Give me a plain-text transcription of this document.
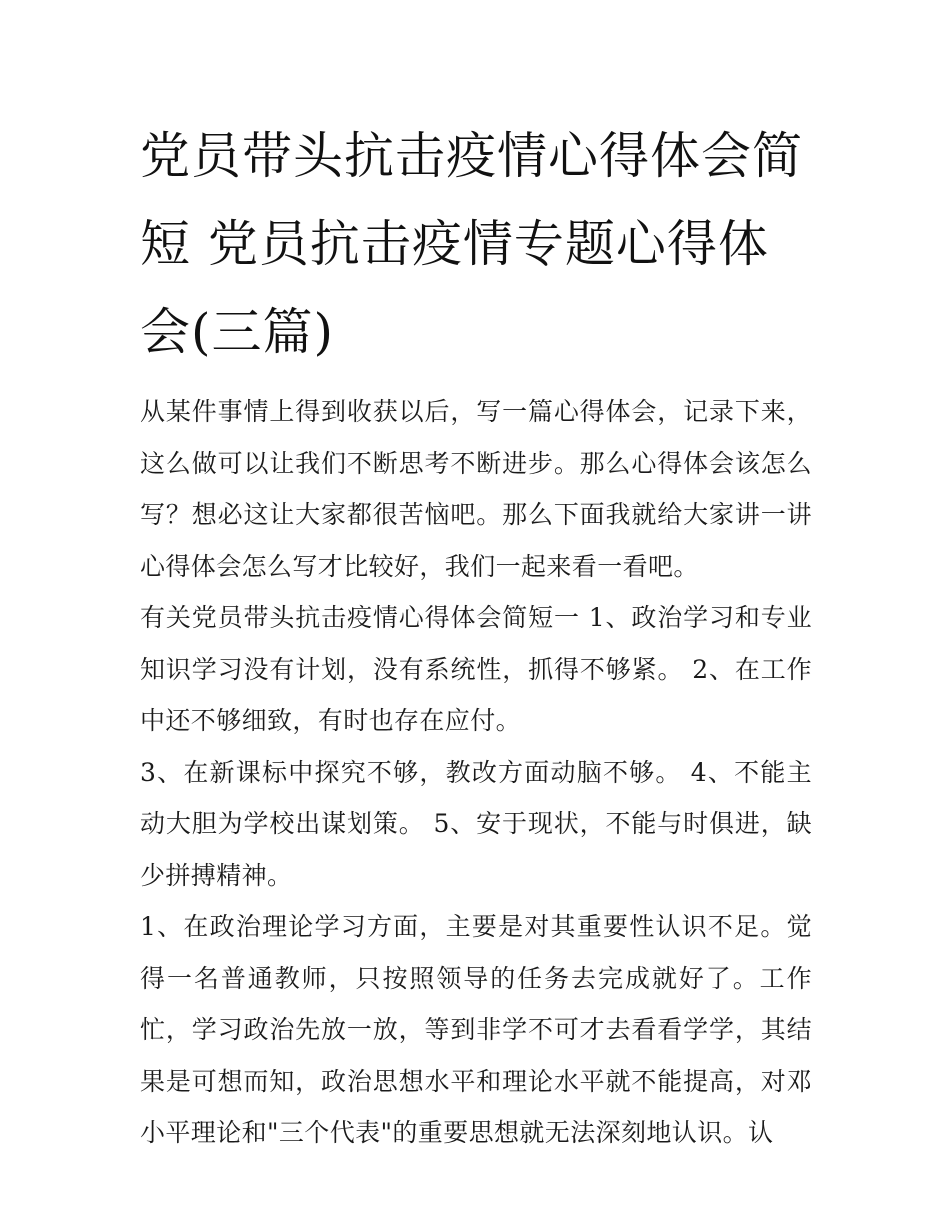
党员带头抗击疫情心得体会简短 党员抗击疫情专题心得体会(三篇)

从某件事情上得到收获以后，写一篇心得体会，记录下来，这么做可以让我们不断思考不断进步。那么心得体会该怎么写？想必这让大家都很苦恼吧。那么下面我就给大家讲一讲心得体会怎么写才比较好，我们一起来看一看吧。

有关党员带头抗击疫情心得体会简短一 1、政治学习和专业知识学习没有计划，没有系统性，抓得不够紧。 2、在工作中还不够细致，有时也存在应付。

3、在新课标中探究不够，教改方面动脑不够。 4、不能主动大胆为学校出谋划策。 5、安于现状，不能与时俱进，缺少拼搏精神。

1、在政治理论学习方面，主要是对其重要性认识不足。觉得一名普通教师，只按照领导的任务去完成就好了。工作忙，学习政治先放一放，等到非学不可才去看看学学，其结果是可想而知，政治思想水平和理论水平就不能提高，对邓小平理论和"三个代表"的重要思想就无法深刻地认识。认
